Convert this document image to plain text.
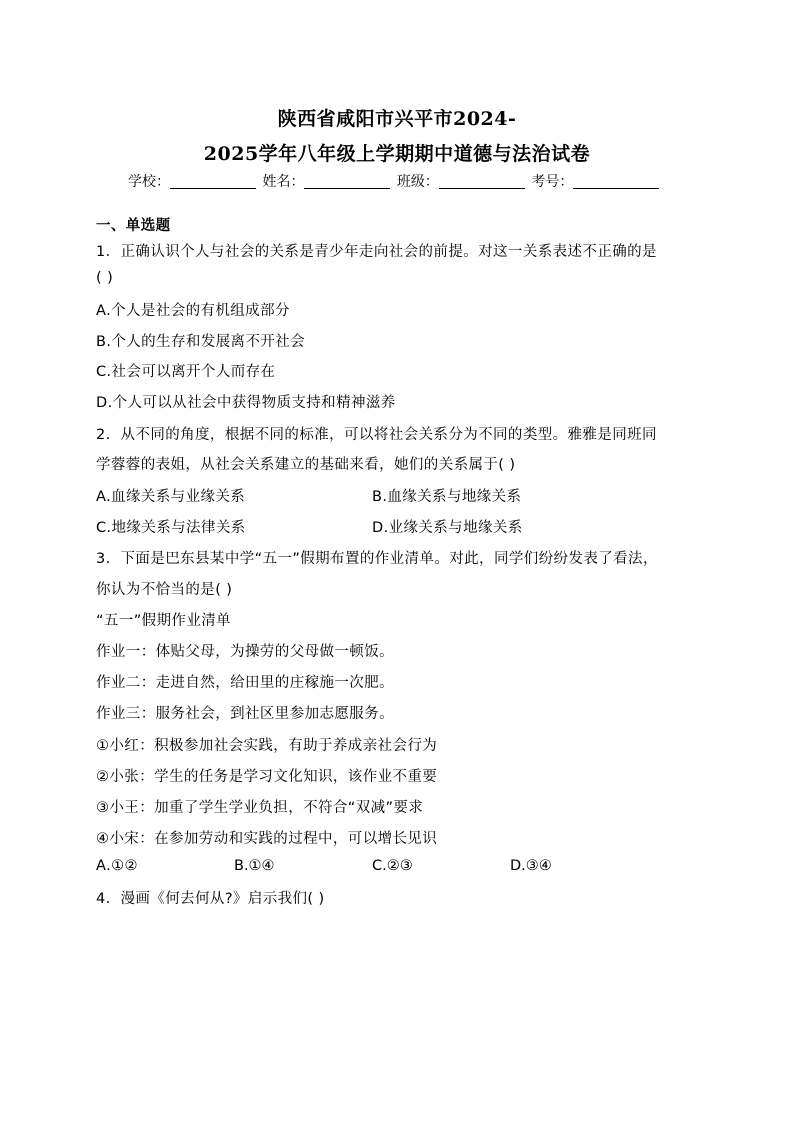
陕西省咸阳市兴平市2024-
2025学年八年级上学期期中道德与法治试卷
学校：	姓名：	班级：	考号：
一、单选题
1．正确认识个人与社会的关系是青少年走向社会的前提。对这一关系表述不正确的是
( )
A.个人是社会的有机组成部分
B.个人的生存和发展离不开社会
C.社会可以离开个人而存在
D.个人可以从社会中获得物质支持和精神滋养
2．从不同的角度，根据不同的标准，可以将社会关系分为不同的类型。雅雅是同班同
学蓉蓉的表姐，从社会关系建立的基础来看，她们的关系属于( )
A.血缘关系与业缘关系	B.血缘关系与地缘关系
C.地缘关系与法律关系	D.业缘关系与地缘关系
3．下面是巴东县某中学“五一”假期布置的作业清单。对此，同学们纷纷发表了看法，
你认为不恰当的是( )
“五一”假期作业清单
作业一：体贴父母，为操劳的父母做一顿饭。
作业二：走进自然，给田里的庄稼施一次肥。
作业三：服务社会，到社区里参加志愿服务。
①小红：积极参加社会实践，有助于养成亲社会行为
②小张：学生的任务是学习文化知识，该作业不重要
③小王：加重了学生学业负担，不符合“双减”要求
④小宋：在参加劳动和实践的过程中，可以增长见识
A.①②	B.①④	C.②③	D.③④
4．漫画《何去何从?》启示我们( )
